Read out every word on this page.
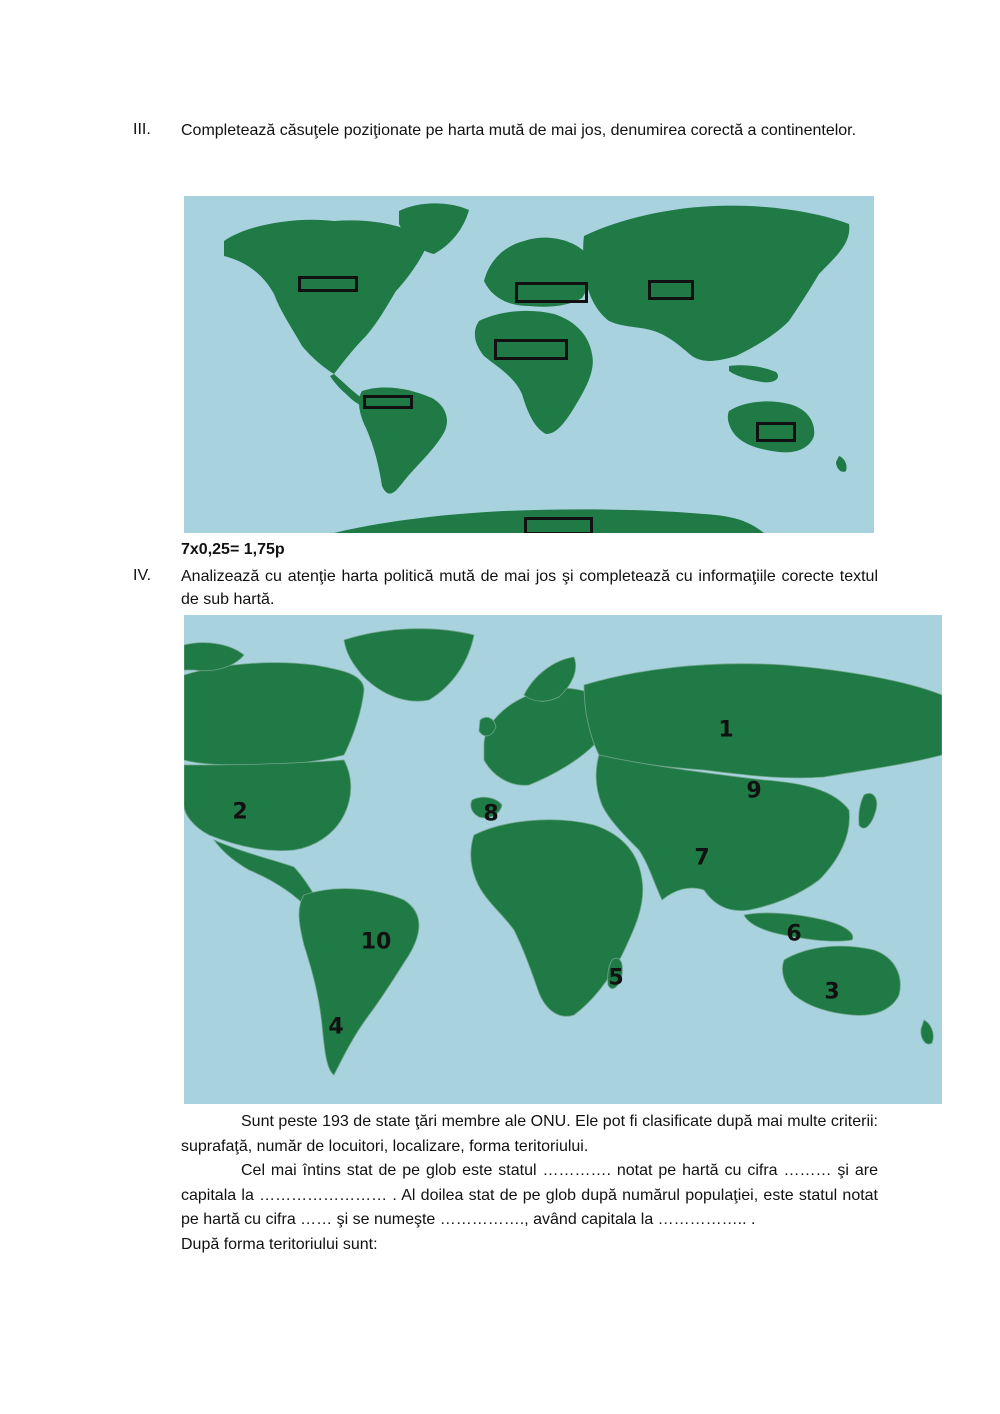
III. Completează căsuţele poziţionate pe harta mută de mai jos, denumirea corectă a continentelor.
7x0,25= 1,75p
IV. Analizează cu atenţie harta politică mută de mai jos şi completează cu informaţiile corecte textul de sub hartă.
1
2
3
4
5
6
7
8
9
10

Sunt peste 193 de state ţări membre ale ONU. Ele pot fi clasificate după mai multe criterii: suprafaţă, număr de locuitori, localizare, forma teritoriului.

Cel mai întins stat de pe glob este statul …………. notat pe hartă cu cifra ……… şi are capitala la …………………… . Al doilea stat de pe glob după numărul populaţiei, este statul notat pe hartă cu cifra …… şi se numeşte ……………., având capitala la …………….. .

După forma teritoriului sunt:
